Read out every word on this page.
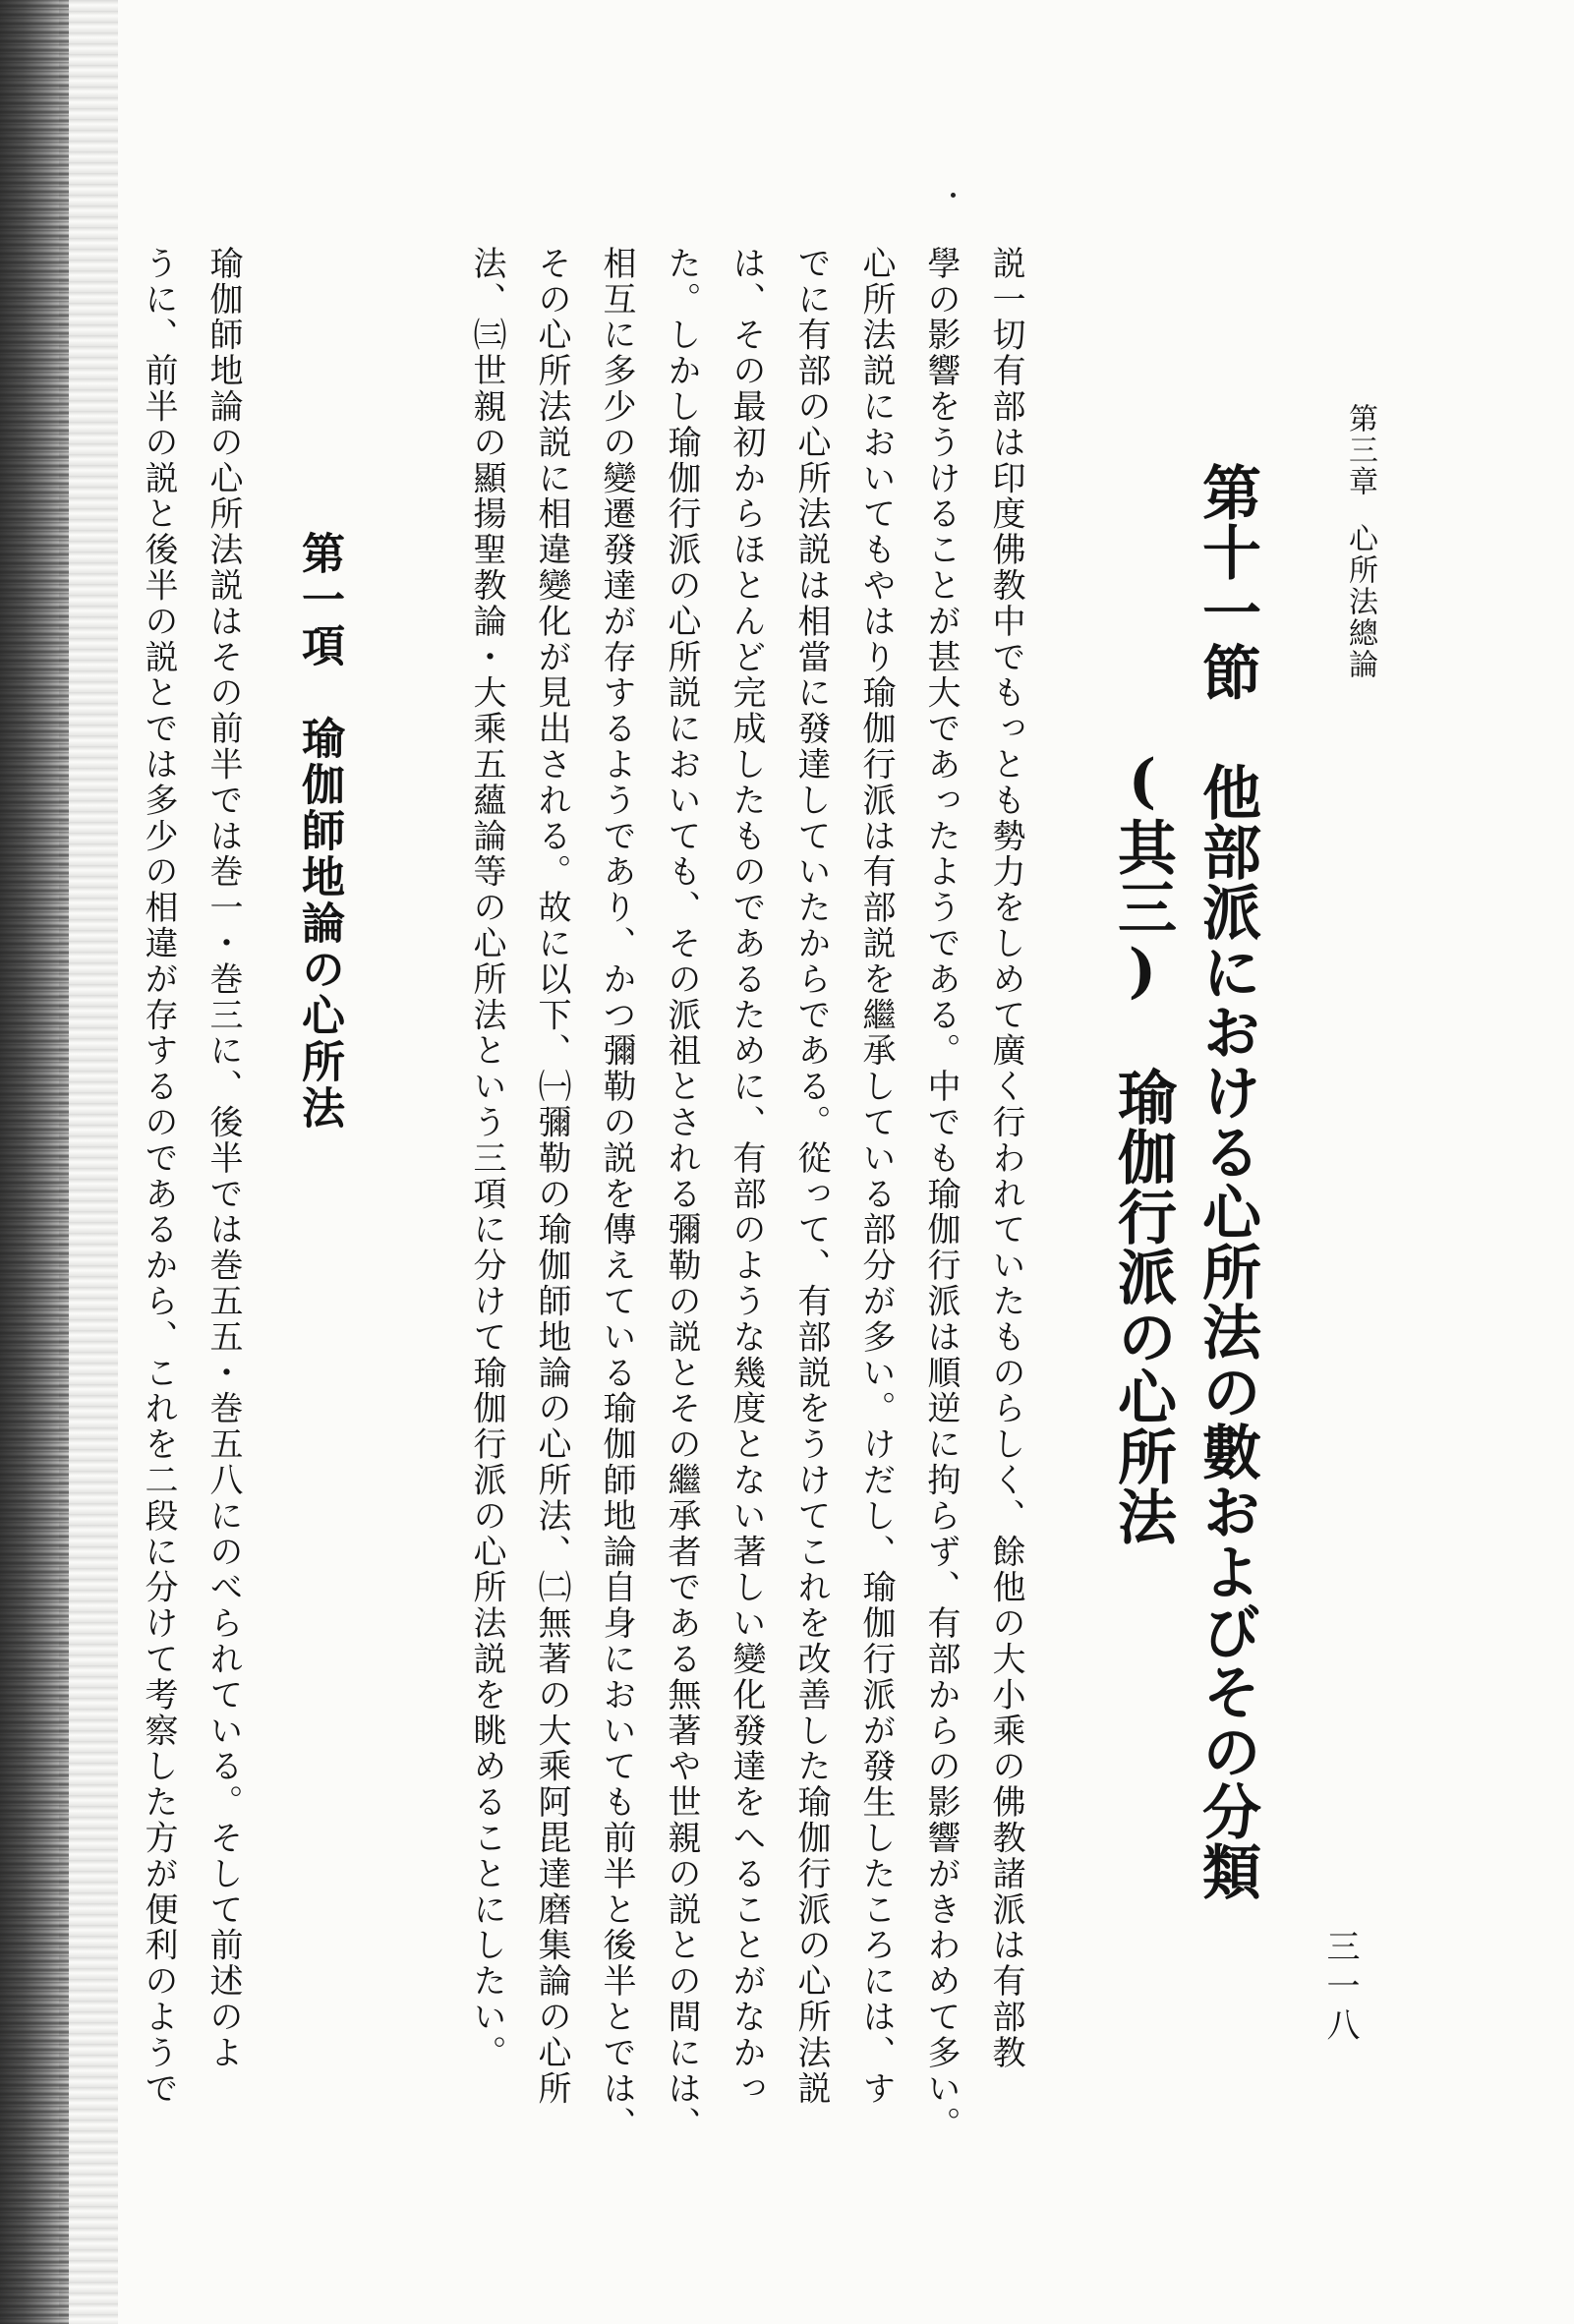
第三章心所法總論
三一八
第十一節　他部派における心所法の數およびその分類
(其三)　瑜伽行派の心所法
説一切有部は印度佛教中でもっとも勢力をしめて廣く行われていたものらしく、餘他の大小乘の佛教諸派は有部教
學の影響をうけることが甚大であったようである。中でも瑜伽行派は順逆に拘らず、有部からの影響がきわめて多い。
心所法説においてもやはり瑜伽行派は有部説を繼承している部分が多い。けだし、瑜伽行派が發生したころには、す
でに有部の心所法説は相當に發達していたからである。從って、有部説をうけてこれを改善した瑜伽行派の心所法説
は、その最初からほとんど完成したものであるために、有部のような幾度とない著しい變化發達をへることがなかっ
た。しかし瑜伽行派の心所説においても、その派祖とされる彌勒の説とその繼承者である無著や世親の説との間には、
相互に多少の變遷發達が存するようであり、かつ彌勒の説を傳えている瑜伽師地論自身においても前半と後半とでは、
その心所法説に相違變化が見出される。故に以下、㈠彌勒の瑜伽師地論の心所法、㈡無著の大乘阿毘達磨集論の心所
法、㈢世親の顯揚聖教論・大乘五蘊論等の心所法という三項に分けて瑜伽行派の心所法説を眺めることにしたい。
第一項　瑜伽師地論の心所法
瑜伽師地論の心所法説はその前半では巻一・巻三に、後半では巻五五・巻五八にのべられている。そして前述のよ
うに、前半の説と後半の説とでは多少の相違が存するのであるから、これを二段に分けて考察した方が便利のようで
